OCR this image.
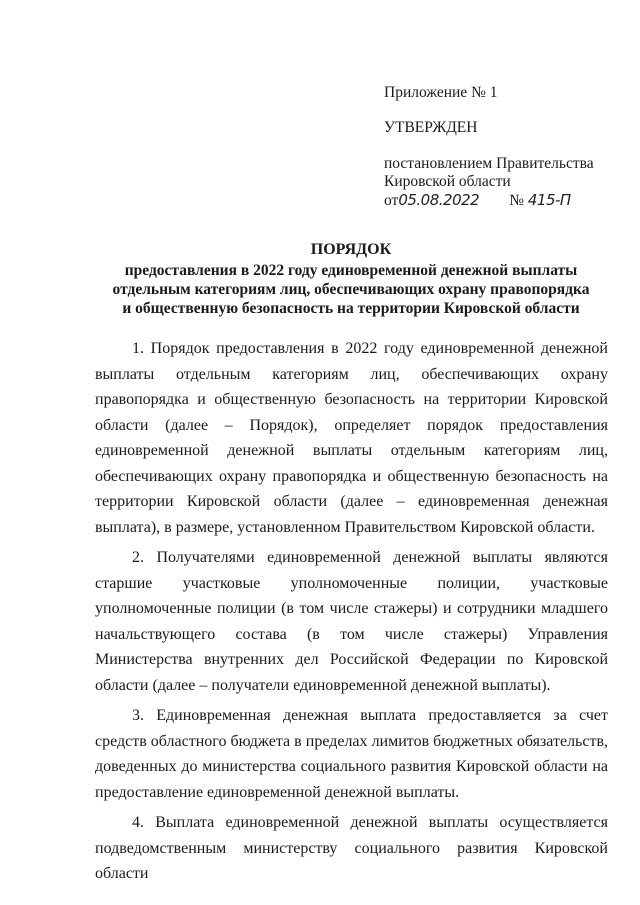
Приложение № 1
УТВЕРЖДЕН
постановлением Правительства
Кировской области
от05.08.2022 № 415-П
ПОРЯДОК
предоставления в 2022 году единовременной денежной выплаты
отдельным категориям лиц, обеспечивающих охрану правопорядка
и общественную безопасность на территории Кировской области

1. Порядок предоставления в 2022 году единовременной денежной выплаты отдельным категориям лиц, обеспечивающих охрану правопорядка и общественную безопасность на территории Кировской области (далее – Порядок), определяет порядок предоставления единовременной денежной выплаты отдельным категориям лиц, обеспечивающих охрану правопорядка и общественную безопасность на территории Кировской области (далее – единовременная денежная выплата), в размере, установленном Правительством Кировской области.

2. Получателями единовременной денежной выплаты являются старшие участковые уполномоченные полиции, участковые уполномоченные полиции (в том числе стажеры) и сотрудники младшего начальствующего состава (в том числе стажеры) Управления Министерства внутренних дел Российской Федерации по Кировской области (далее – получатели единовременной денежной выплаты).

3. Единовременная денежная выплата предоставляется за счет средств областного бюджета в пределах лимитов бюджетных обязательств, доведенных до министерства социального развития Кировской области на предоставление единовременной денежной выплаты.

4. Выплата единовременной денежной выплаты осуществляется подведомственным министерству социального развития Кировской области
